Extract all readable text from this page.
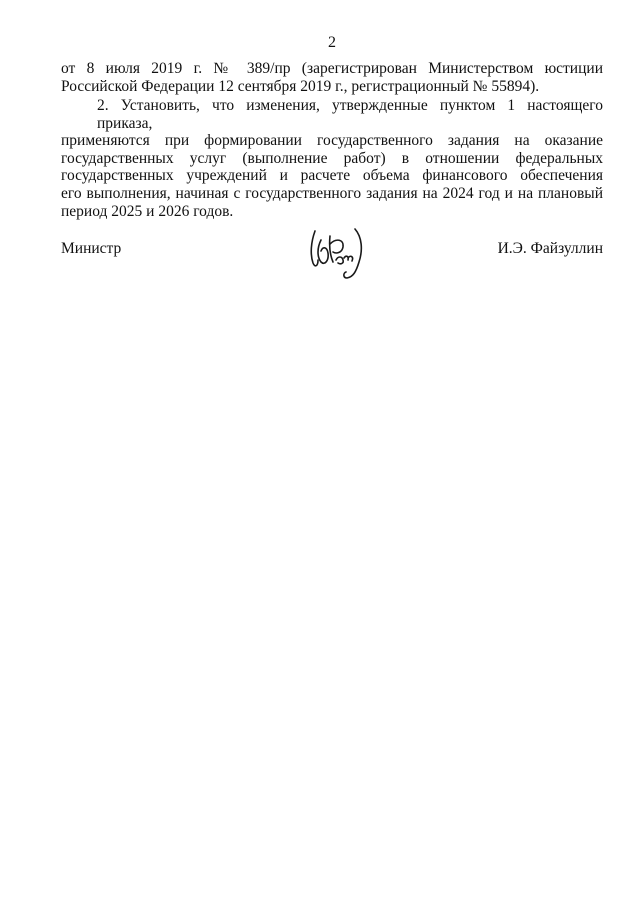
2
от 8 июля 2019 г. № 389/пр (зарегистрирован Министерством юстиции
Российской Федерации 12 сентября 2019 г., регистрационный № 55894).
2. Установить, что изменения, утвержденные пунктом 1 настоящего приказа,
применяются при формировании государственного задания на оказание
государственных услуг (выполнение работ) в отношении федеральных
государственных учреждений и расчете объема финансового обеспечения
его выполнения, начиная с государственного задания на 2024 год и на плановый
период 2025 и 2026 годов.
Министр	И.Э. Файзуллин
